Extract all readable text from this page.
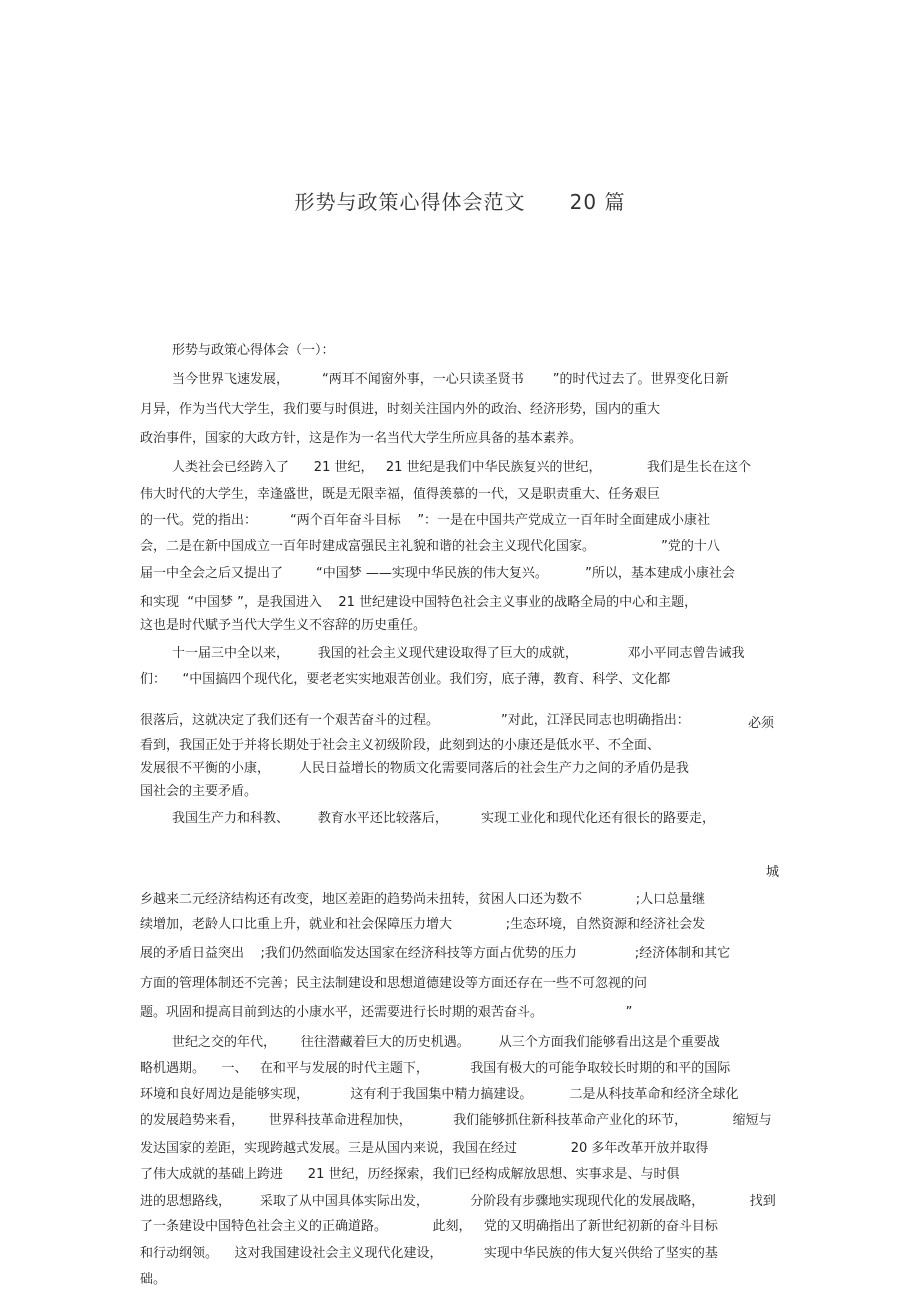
形势与政策心得体会范文      20 篇
形势与政策心得体会（一）：
当今世界飞速发展，        “两耳不闻窗外事，一心只读圣贤书       ”的时代过去了。世界变化日新
月异，作为当代大学生，我们要与时俱进，时刻关注国内外的政治、经济形势，国内的重大
政治事件，国家的大政方针，这是作为一名当代大学生所应具备的基本素养。
人类社会已经跨入了      21 世纪，   21 世纪是我们中华民族复兴的世纪，           我们是生长在这个
伟大时代的大学生，幸逢盛世，既是无限幸福，值得羡慕的一代，又是职责重大、任务艰巨
的一代。党的指出：        “两个百年奋斗目标    ”：一是在中国共产党成立一百年时全面建成小康社
会，二是在新中国成立一百年时建成富强民主礼貌和谐的社会主义现代化国家。                ”党的十八
届一中全会之后又提出了        “中国梦 ——实现中华民族的伟大复兴。         ”所以，基本建成小康社会
和实现  “中国梦 ”，是我国进入    21 世纪建设中国特色社会主义事业的战略全局的中心和主题，
这也是时代赋予当代大学生义不容辞的历史重任。
十一届三中全以来，       我国的社会主义现代建设取得了巨大的成就，            邓小平同志曾告诫我
们：    “中国搞四个现代化，要老老实实地艰苦创业。我们穷，底子薄，教育、科学、文化都
很落后，这就决定了我们还有一个艰苦奋斗的过程。               ”对此，江泽民同志也明确指出：	必须
看到，我国正处于并将长期处于社会主义初级阶段，此刻到达的小康还是低水平、不全面、
发展很不平衡的小康，       人民日益增长的物质文化需要同落后的社会生产力之间的矛盾仍是我
国社会的主要矛盾。
我国生产力和科教、       教育水平还比较落后，        实现工业化和现代化还有很长的路要走，
城
乡越来二元经济结构还有改变，地区差距的趋势尚未扭转，贫困人口还为数不             ;人口总量继
续增加，老龄人口比重上升，就业和社会保障压力增大             ;生态环境，自然资源和经济社会发
展的矛盾日益突出    ;我们仍然面临发达国家在经济科技等方面占优势的压力              ;经济体制和其它
方面的管理体制还不完善；民主法制建设和思想道德建设等方面还存在一些不可忽视的问
题。巩固和提高目前到达的小康水平，还需要进行长时期的艰苦奋斗。                    ”
世纪之交的年代，      往往潜藏着巨大的历史机遇。       从三个方面我们能够看出这是个重要战
略机遇期。    一、   在和平与发展的时代主题下，          我国有极大的可能争取较长时期的和平的国际
环境和良好周边是能够实现，          这有利于我国集中精力搞建设。         二是从科技革命和经济全球化
的发展趋势来看，      世界科技革命进程加快，          我们能够抓住新科技革命产业化的环节，           缩短与
发达国家的差距，实现跨越式发展。三是从国内来说，我国在经过             20 多年改革开放并取得
了伟大成就的基础上跨进      21 世纪，历经探索，我们已经构成解放思想、实事求是、与时俱
进的思想路线，       采取了从中国具体实际出发，          分阶段有步骤地实现现代化的发展战略，           找到
了一条建设中国特色社会主义的正确道路。           此刻，   党的又明确指出了新世纪初新的奋斗目标
和行动纲领。    这对我国建设社会主义现代化建设，          实现中华民族的伟大复兴供给了坚实的基
础。
